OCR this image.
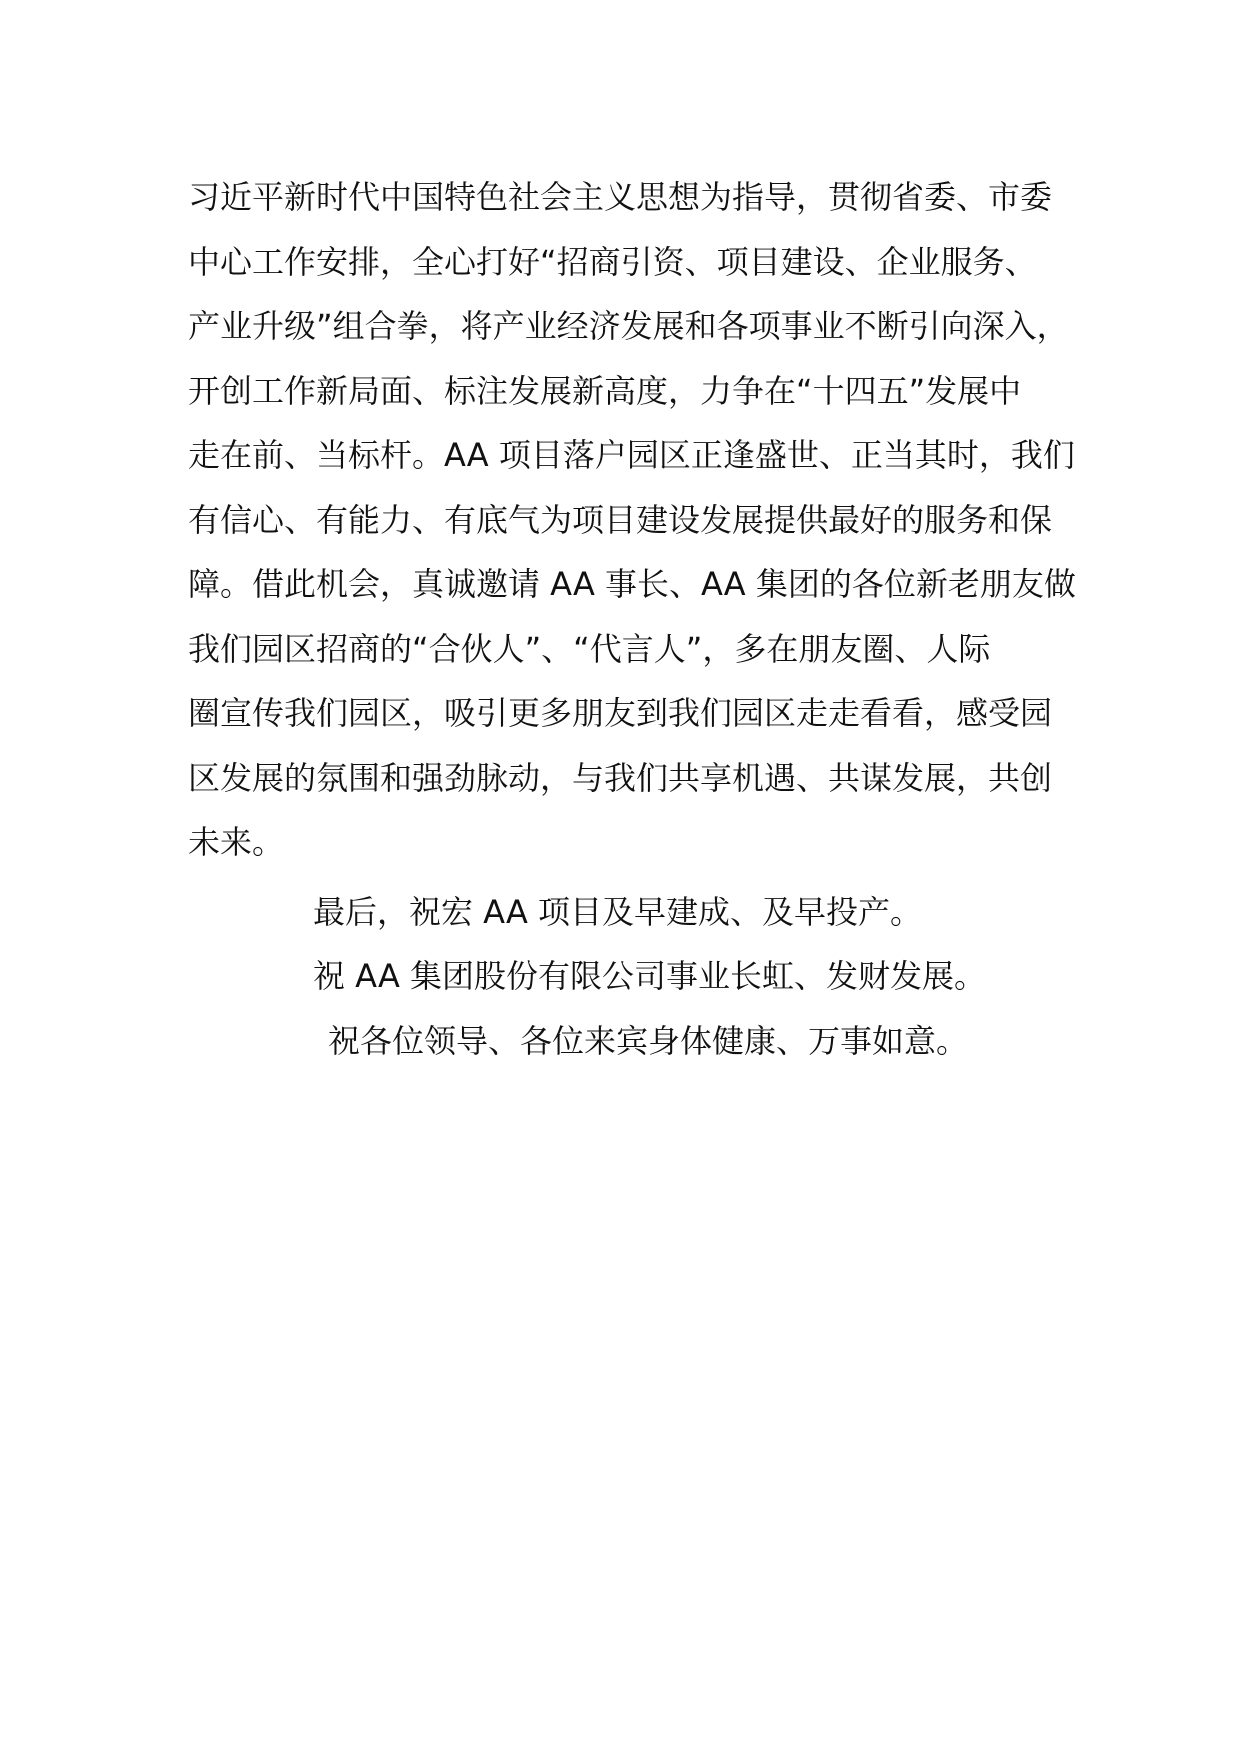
习近平新时代中国特色社会主义思想为指导，贯彻省委、市委
中心工作安排，全心打好“招商引资、项目建设、企业服务、
产业升级”组合拳，将产业经济发展和各项事业不断引向深入，
开创工作新局面、标注发展新高度，力争在“十四五”发展中
走在前、当标杆。AA 项目落户园区正逢盛世、正当其时，我们
有信心、有能力、有底气为项目建设发展提供最好的服务和保
障。借此机会，真诚邀请 AA 事长、AA 集团的各位新老朋友做
我们园区招商的“合伙人”、“代言人”，多在朋友圈、人际
圈宣传我们园区，吸引更多朋友到我们园区走走看看，感受园
区发展的氛围和强劲脉动，与我们共享机遇、共谋发展，共创
未来。

最后，祝宏 AA 项目及早建成、及早投产。

祝 AA 集团股份有限公司事业长虹、发财发展。

祝各位领导、各位来宾身体健康、万事如意。
